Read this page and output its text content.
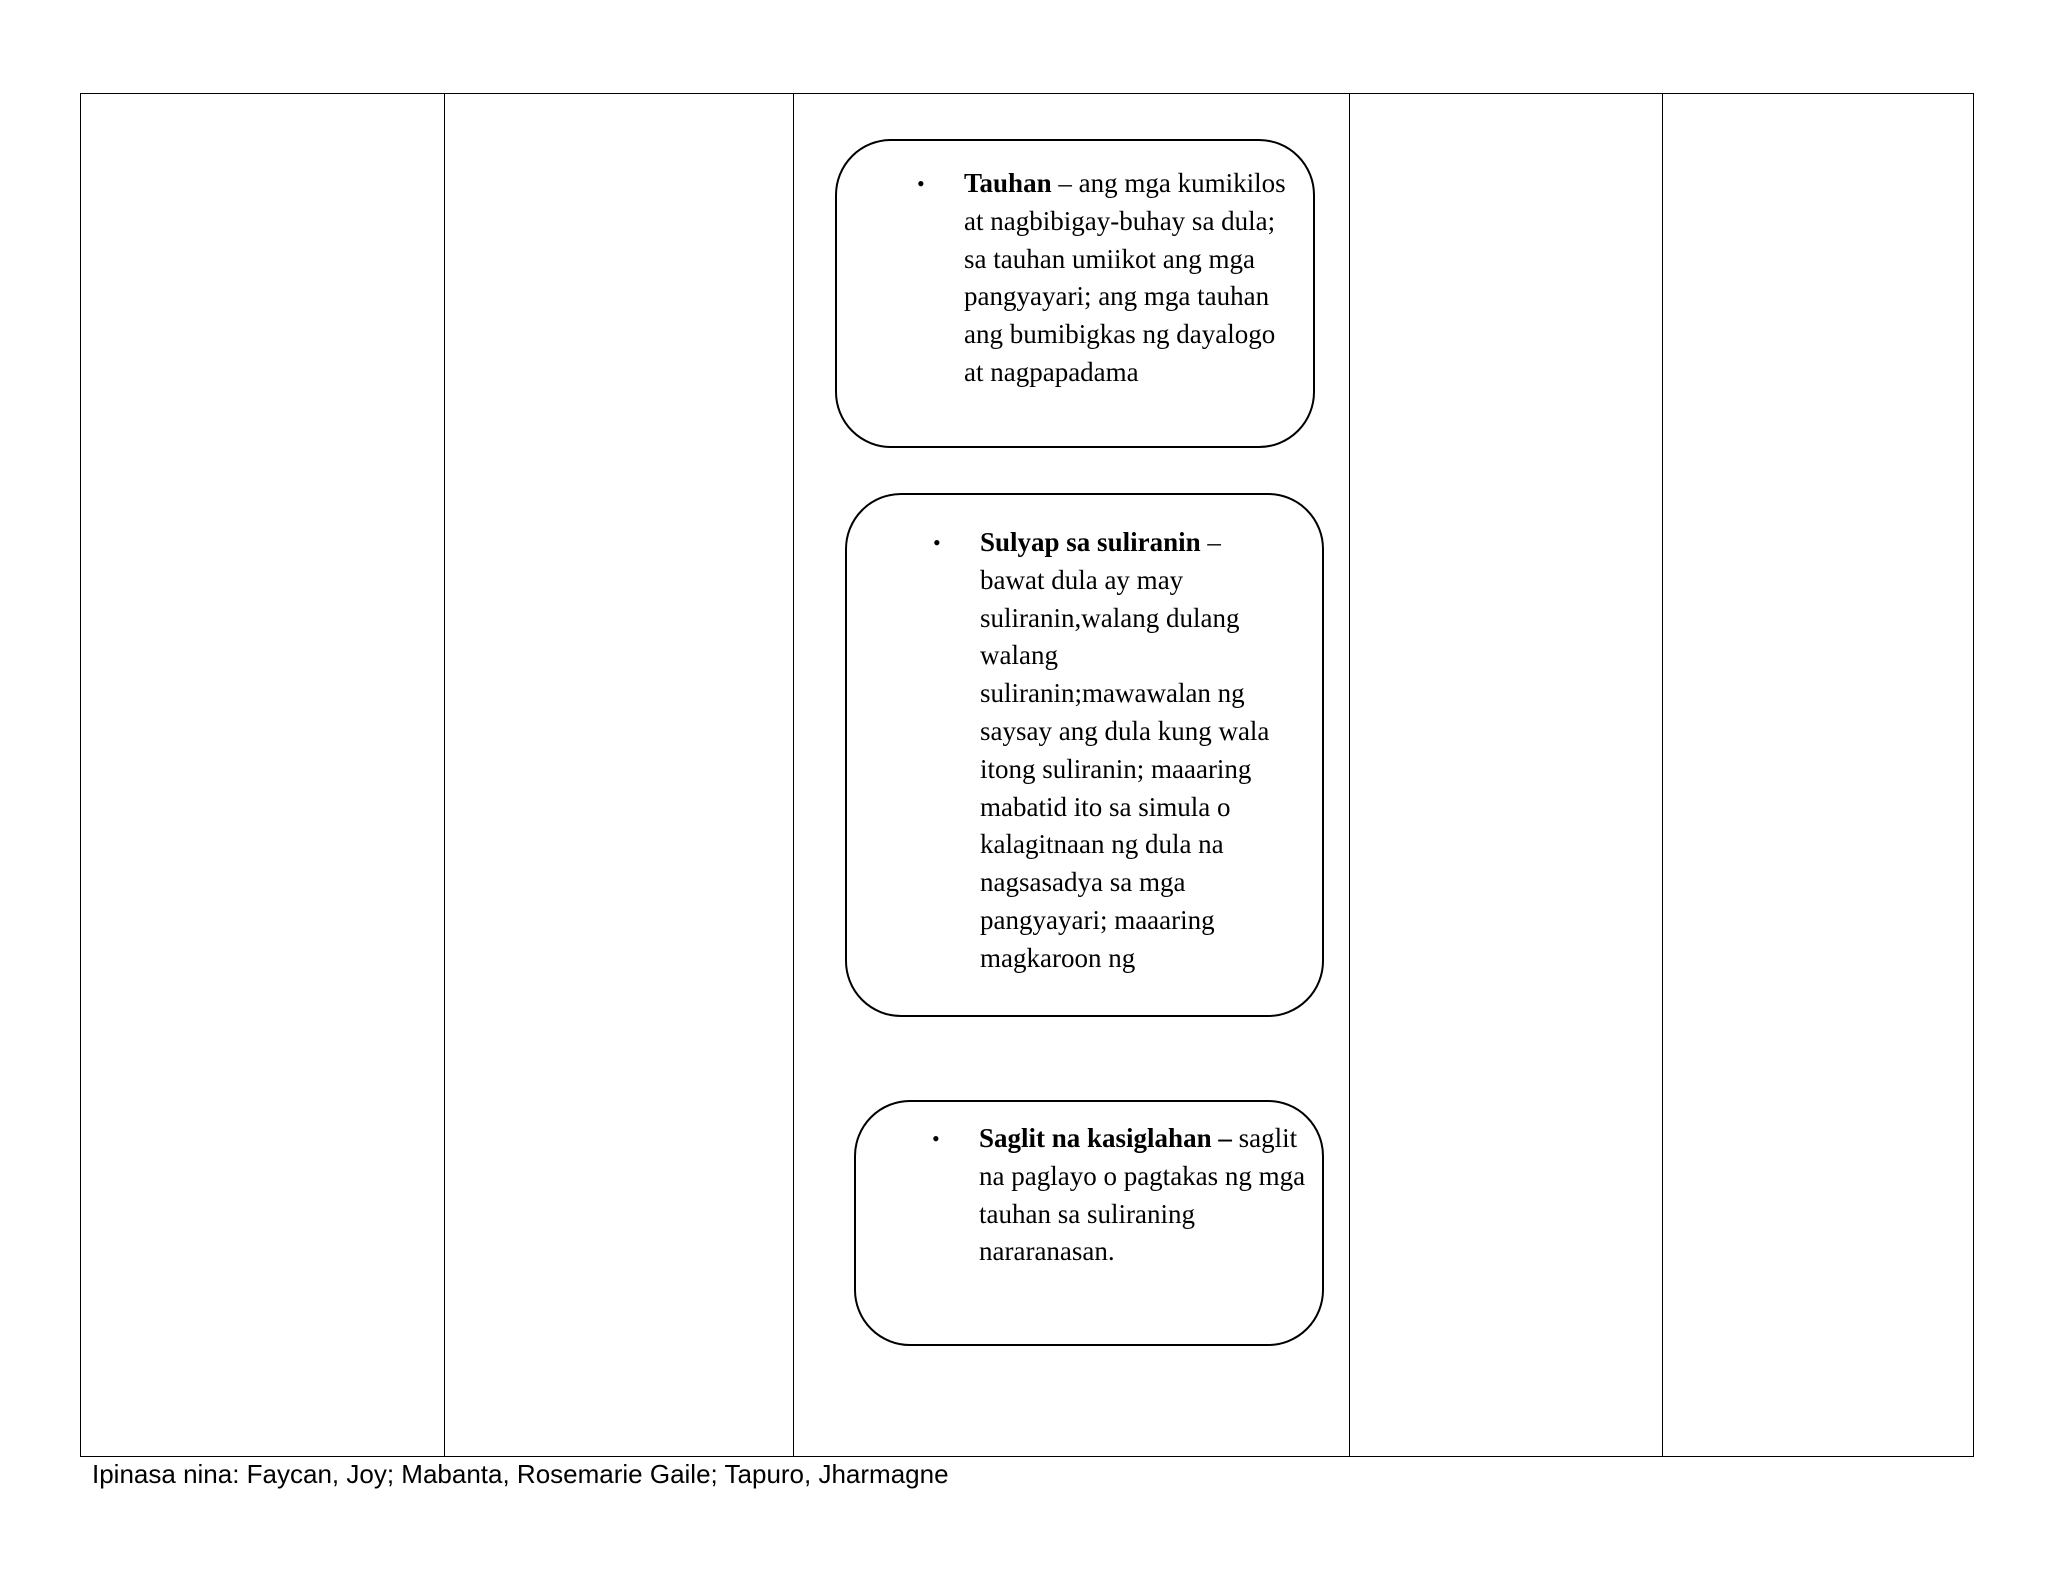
• Tauhan – ang mga kumikilos at nagbibigay-buhay sa dula; sa tauhan umiikot ang mga pangyayari; ang mga tauhan ang bumibigkas ng dayalogo at nagpapadama
• Sulyap sa suliranin – bawat dula ay may suliranin,walang dulang walang suliranin;mawawalan ng saysay ang dula kung wala itong suliranin; maaaring mabatid ito sa simula o kalagitnaan ng dula na nagsasadya sa mga pangyayari; maaaring magkaroon ng
• Saglit na kasiglahan – saglit na paglayo o pagtakas ng mga tauhan sa suliraning nararanasan.
Ipinasa nina: Faycan, Joy; Mabanta, Rosemarie Gaile; Tapuro, Jharmagne
